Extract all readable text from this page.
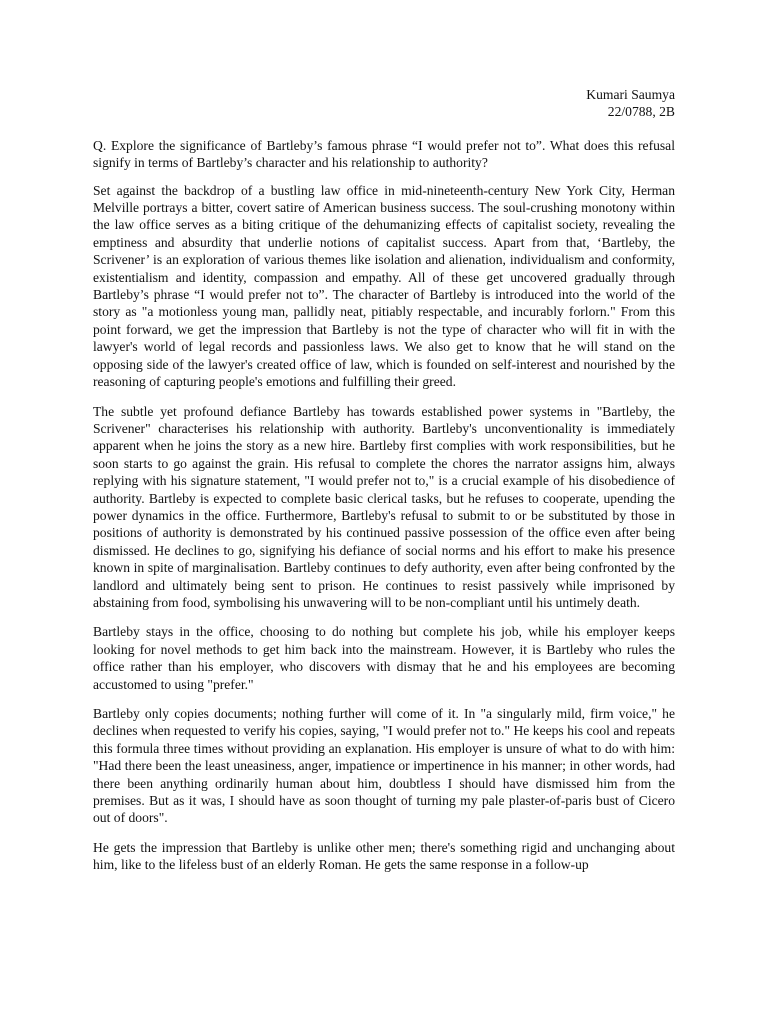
Kumari Saumya
22/0788, 2B

Q. Explore the significance of Bartleby’s famous phrase “I would prefer not to”. What does this refusal signify in terms of Bartleby’s character and his relationship to authority?

Set against the backdrop of a bustling law office in mid-nineteenth-century New York City, Herman Melville portrays a bitter, covert satire of American business success. The soul-crushing monotony within the law office serves as a biting critique of the dehumanizing effects of capitalist society, revealing the emptiness and absurdity that underlie notions of capitalist success. Apart from that, ‘Bartleby, the Scrivener’ is an exploration of various themes like isolation and alienation, individualism and conformity, existentialism and identity, compassion and empathy. All of these get uncovered gradually through Bartleby’s phrase “I would prefer not to”. The character of Bartleby is introduced into the world of the story as "a motionless young man, pallidly neat, pitiably respectable, and incurably forlorn." From this point forward, we get the impression that Bartleby is not the type of character who will fit in with the lawyer's world of legal records and passionless laws. We also get to know that he will stand on the opposing side of the lawyer's created office of law, which is founded on self-interest and nourished by the reasoning of capturing people's emotions and fulfilling their greed.

The subtle yet profound defiance Bartleby has towards established power systems in "Bartleby, the Scrivener" characterises his relationship with authority. Bartleby's unconventionality is immediately apparent when he joins the story as a new hire. Bartleby first complies with work responsibilities, but he soon starts to go against the grain. His refusal to complete the chores the narrator assigns him, always replying with his signature statement, "I would prefer not to," is a crucial example of his disobedience of authority. Bartleby is expected to complete basic clerical tasks, but he refuses to cooperate, upending the power dynamics in the office. Furthermore, Bartleby's refusal to submit to or be substituted by those in positions of authority is demonstrated by his continued passive possession of the office even after being dismissed. He declines to go, signifying his defiance of social norms and his effort to make his presence known in spite of marginalisation. Bartleby continues to defy authority, even after being confronted by the landlord and ultimately being sent to prison. He continues to resist passively while imprisoned by abstaining from food, symbolising his unwavering will to be non-compliant until his untimely death.

Bartleby stays in the office, choosing to do nothing but complete his job, while his employer keeps looking for novel methods to get him back into the mainstream. However, it is Bartleby who rules the office rather than his employer, who discovers with dismay that he and his employees are becoming accustomed to using "prefer."

Bartleby only copies documents; nothing further will come of it. In "a singularly mild, firm voice," he declines when requested to verify his copies, saying, "I would prefer not to." He keeps his cool and repeats this formula three times without providing an explanation. His employer is unsure of what to do with him: "Had there been the least uneasiness, anger, impatience or impertinence in his manner; in other words, had there been anything ordinarily human about him, doubtless I should have dismissed him from the premises. But as it was, I should have as soon thought of turning my pale plaster-of-paris bust of Cicero out of doors".

He gets the impression that Bartleby is unlike other men; there's something rigid and unchanging about him, like to the lifeless bust of an elderly Roman. He gets the same response in a follow-up
